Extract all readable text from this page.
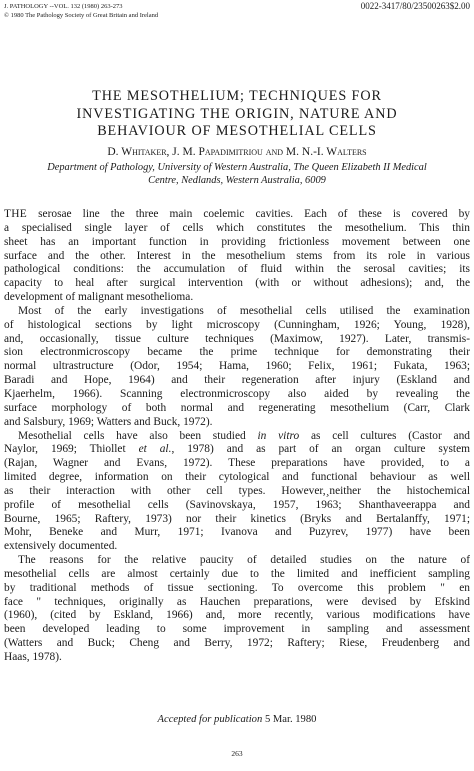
J. PATHOLOGY --VOL. 132 (1980) 263-273
© 1980 The Pathology Society of Great Britain and Ireland
0022-3417/80/23500263$2.00
THE MESOTHELIUM; TECHNIQUES FOR
INVESTIGATING THE ORIGIN, NATURE AND
BEHAVIOUR OF MESOTHELIAL CELLS
D. Whitaker, J. M. Papadimitriou and M. N.-I. Walters
Department of Pathology, University of Western Australia, The Queen Elizabeth II Medical
Centre, Nedlands, Western Australia, 6009
THE serosae line the three main coelemic cavities. Each of these is covered by
a specialised single layer of cells which constitutes the mesothelium. This thin
sheet has an important function in providing frictionless movement between one
surface and the other. Interest in the mesothelium stems from its role in various
pathological conditions: the accumulation of fluid within the serosal cavities; its
capacity to heal after surgical intervention (with or without adhesions); and, the
development of malignant mesothelioma.
Most of the early investigations of mesothelial cells utilised the examination
of histological sections by light microscopy (Cunningham, 1926; Young, 1928),
and, occasionally, tissue culture techniques (Maximow, 1927). Later, transmis-
sion electronmicroscopy became the prime technique for demonstrating their
normal ultrastructure (Odor, 1954; Hama, 1960; Felix, 1961; Fukata, 1963;
Baradi and Hope, 1964) and their regeneration after injury (Eskland and
Kjaerhelm, 1966). Scanning electronmicroscopy also aided by revealing the
surface morphology of both normal and regenerating mesothelium (Carr, Clark
and Salsbury, 1969; Watters and Buck, 1972).
Mesothelial cells have also been studied in vitro as cell cultures (Castor and
Naylor, 1969; Thiollet et al., 1978) and as part of an organ culture system
(Rajan, Wagner and Evans, 1972). These preparations have provided, to a
limited degree, information on their cytological and functional behaviour as well
as their interaction with other cell types. However,¸neither the histochemical
profile of mesothelial cells (Savinovskaya, 1957, 1963; Shanthaveerappa and
Bourne, 1965; Raftery, 1973) nor their kinetics (Bryks and Bertalanffy, 1971;
Mohr, Beneke and Murr, 1971; Ivanova and Puzyrev, 1977) have been
extensively documented.
The reasons for the relative paucity of detailed studies on the nature of
mesothelial cells are almost certainly due to the limited and inefficient sampling
by traditional methods of tissue sectioning. To overcome this problem " en
face " techniques, originally as Hauchen preparations, were devised by Efskind
(1960), (cited by Eskland, 1966) and, more recently, various modifications have
been developed leading to some improvement in sampling and assessment
(Watters and Buck; Cheng and Berry, 1972; Raftery; Riese, Freudenberg and
Haas, 1978).
Accepted for publication 5 Mar. 1980
263
